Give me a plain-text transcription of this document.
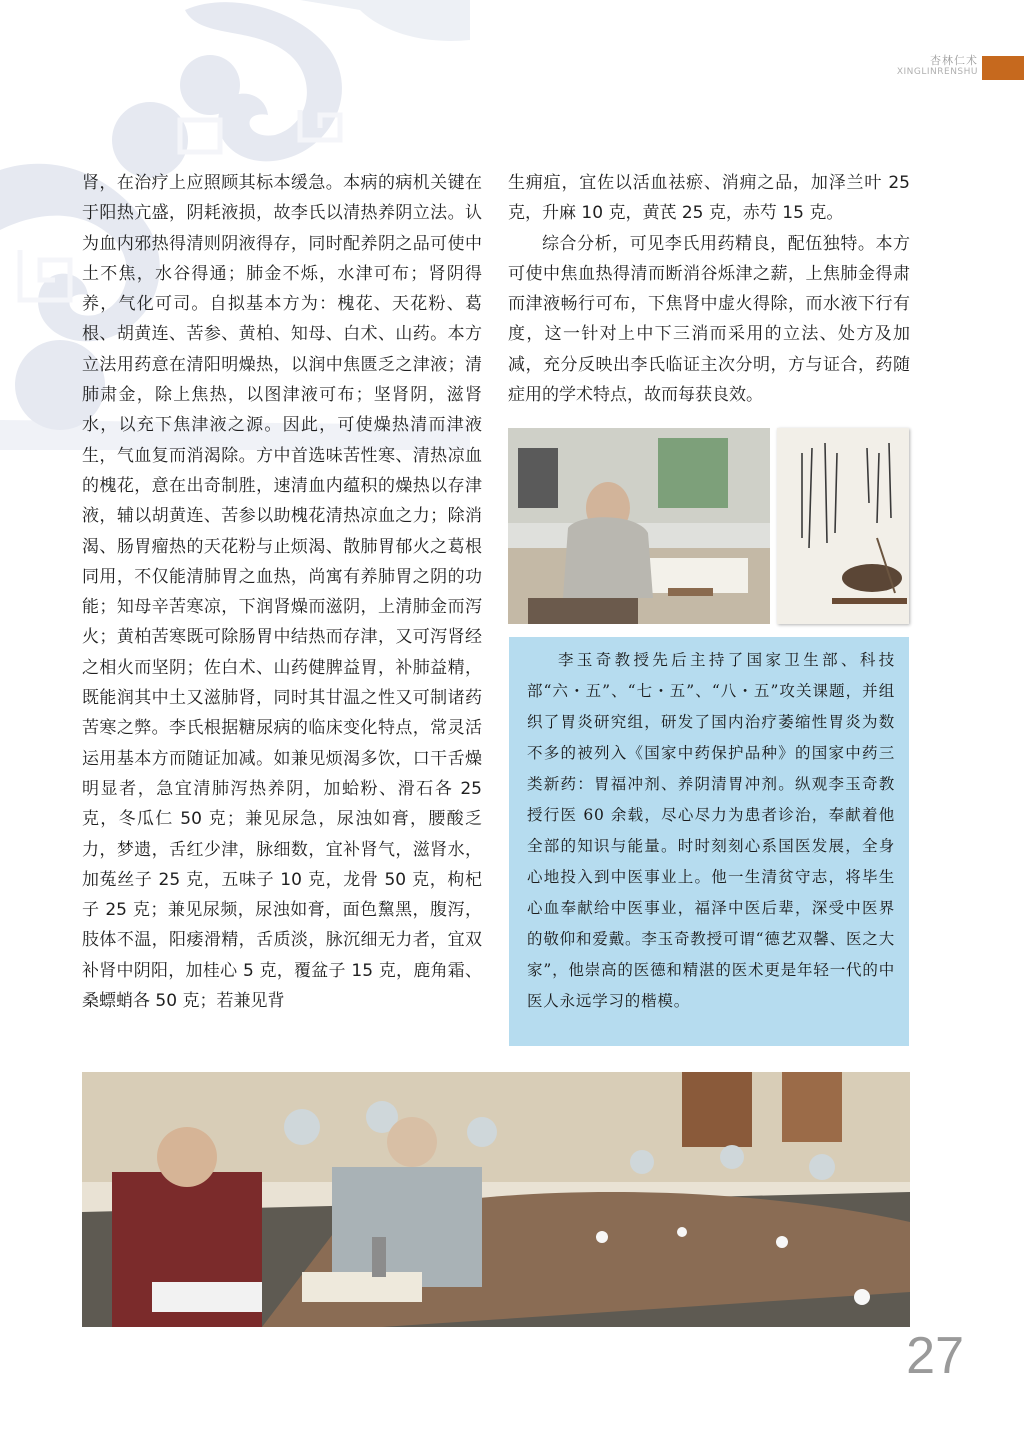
杏林仁术
XINGLINRENSHU

肾，在治疗上应照顾其标本缓急。本病的病机关键在于阳热亢盛，阴耗液损，故李氏以清热养阴立法。认为血内邪热得清则阴液得存，同时配养阴之品可使中土不焦，水谷得通；肺金不烁，水津可布；肾阴得养，气化可司。自拟基本方为：槐花、天花粉、葛根、胡黄连、苦参、黄柏、知母、白术、山药。本方立法用药意在清阳明燥热，以润中焦匮乏之津液；清肺肃金，除上焦热，以图津液可布；坚肾阴，滋肾水，以充下焦津液之源。因此，可使燥热清而津液生，气血复而消渴除。方中首选味苦性寒、清热凉血的槐花，意在出奇制胜，速清血内蕴积的燥热以存津液，辅以胡黄连、苦参以助槐花清热凉血之力；除消渴、肠胃瘤热的天花粉与止烦渴、散肺胃郁火之葛根同用，不仅能清肺胃之血热，尚寓有养肺胃之阴的功能；知母辛苦寒凉，下润肾燥而滋阴，上清肺金而泻火；黄柏苦寒既可除肠胃中结热而存津，又可泻肾经之相火而坚阴；佐白术、山药健脾益胃，补肺益精，既能润其中土又滋肺肾，同时其甘温之性又可制诸药苦寒之弊。李氏根据糖尿病的临床变化特点，常灵活运用基本方而随证加减。如兼见烦渴多饮，口干舌燥明显者，急宜清肺泻热养阴，加蛤粉、滑石各 25 克，冬瓜仁 50 克；兼见尿急，尿浊如膏，腰酸乏力，梦遗，舌红少津，脉细数，宜补肾气，滋肾水，加菟丝子 25 克，五味子 10 克，龙骨 50 克，枸杞子 25 克；兼见尿频，尿浊如膏，面色黧黑，腹泻，肢体不温，阳痿滑精，舌质淡，脉沉细无力者，宜双补肾中阴阳，加桂心 5 克，覆盆子 15 克，鹿角霜、桑螵蛸各 50 克；若兼见背

生痈疽，宜佐以活血祛瘀、消痈之品，加泽兰叶 25 克，升麻 10 克，黄芪 25 克，赤芍 15 克。

综合分析，可见李氏用药精良，配伍独特。本方可使中焦血热得清而断消谷烁津之薪，上焦肺金得肃而津液畅行可布，下焦肾中虚火得除，而水液下行有度，这一针对上中下三消而采用的立法、处方及加减，充分反映出李氏临证主次分明，方与证合，药随症用的学术特点，故而每获良效。

李玉奇教授先后主持了国家卫生部、科技部“六・五”、“七・五”、“八・五”攻关课题，并组织了胃炎研究组，研发了国内治疗萎缩性胃炎为数不多的被列入《国家中药保护品种》的国家中药三类新药：胃福冲剂、养阴清胃冲剂。纵观李玉奇教授行医 60 余载，尽心尽力为患者诊治，奉献着他全部的知识与能量。时时刻刻心系国医发展，全身心地投入到中医事业上。他一生清贫守志，将毕生心血奉献给中医事业，福泽中医后辈，深受中医界的敬仰和爱戴。李玉奇教授可谓“德艺双馨、医之大家”，他崇高的医德和精湛的医术更是年轻一代的中医人永远学习的楷模。

27
